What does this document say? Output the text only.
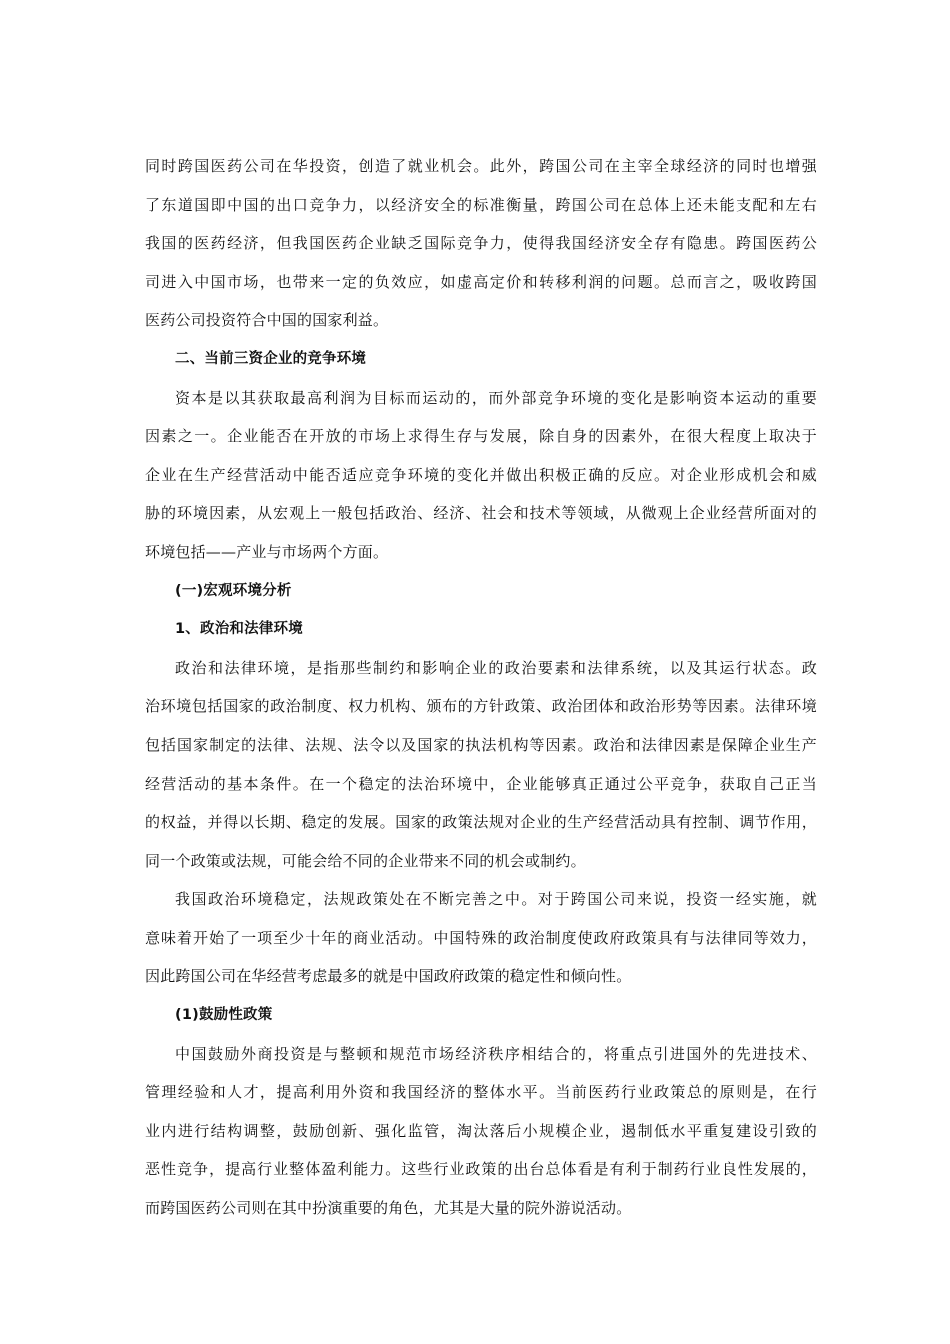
同时跨国医药公司在华投资，创造了就业机会。此外，跨国公司在主宰全球经济的同时也增强
了东道国即中国的出口竞争力，以经济安全的标准衡量，跨国公司在总体上还未能支配和左右
我国的医药经济，但我国医药企业缺乏国际竞争力，使得我国经济安全存有隐患。跨国医药公
司进入中国市场，也带来一定的负效应，如虚高定价和转移利润的问题。总而言之，吸收跨国
医药公司投资符合中国的国家利益。
二、当前三资企业的竞争环境
资本是以其获取最高利润为目标而运动的，而外部竞争环境的变化是影响资本运动的重要
因素之一。企业能否在开放的市场上求得生存与发展，除自身的因素外，在很大程度上取决于
企业在生产经营活动中能否适应竞争环境的变化并做出积极正确的反应。对企业形成机会和威
胁的环境因素，从宏观上一般包括政治、经济、社会和技术等领域，从微观上企业经营所面对的
环境包括——产业与市场两个方面。
(一)宏观环境分析
1、政治和法律环境
政治和法律环境，是指那些制约和影响企业的政治要素和法律系统，以及其运行状态。政
治环境包括国家的政治制度、权力机构、颁布的方针政策、政治团体和政治形势等因素。法律环境
包括国家制定的法律、法规、法令以及国家的执法机构等因素。政治和法律因素是保障企业生产
经营活动的基本条件。在一个稳定的法治环境中，企业能够真正通过公平竞争，获取自己正当
的权益，并得以长期、稳定的发展。国家的政策法规对企业的生产经营活动具有控制、调节作用，
同一个政策或法规，可能会给不同的企业带来不同的机会或制约。
我国政治环境稳定，法规政策处在不断完善之中。对于跨国公司来说，投资一经实施，就
意味着开始了一项至少十年的商业活动。中国特殊的政治制度使政府政策具有与法律同等效力，
因此跨国公司在华经营考虑最多的就是中国政府政策的稳定性和倾向性。
(1)鼓励性政策
中国鼓励外商投资是与整顿和规范市场经济秩序相结合的，将重点引进国外的先进技术、
管理经验和人才，提高利用外资和我国经济的整体水平。当前医药行业政策总的原则是，在行
业内进行结构调整，鼓励创新、强化监管，淘汰落后小规模企业，遏制低水平重复建设引致的
恶性竞争，提高行业整体盈利能力。这些行业政策的出台总体看是有利于制药行业良性发展的，
而跨国医药公司则在其中扮演重要的角色，尤其是大量的院外游说活动。
